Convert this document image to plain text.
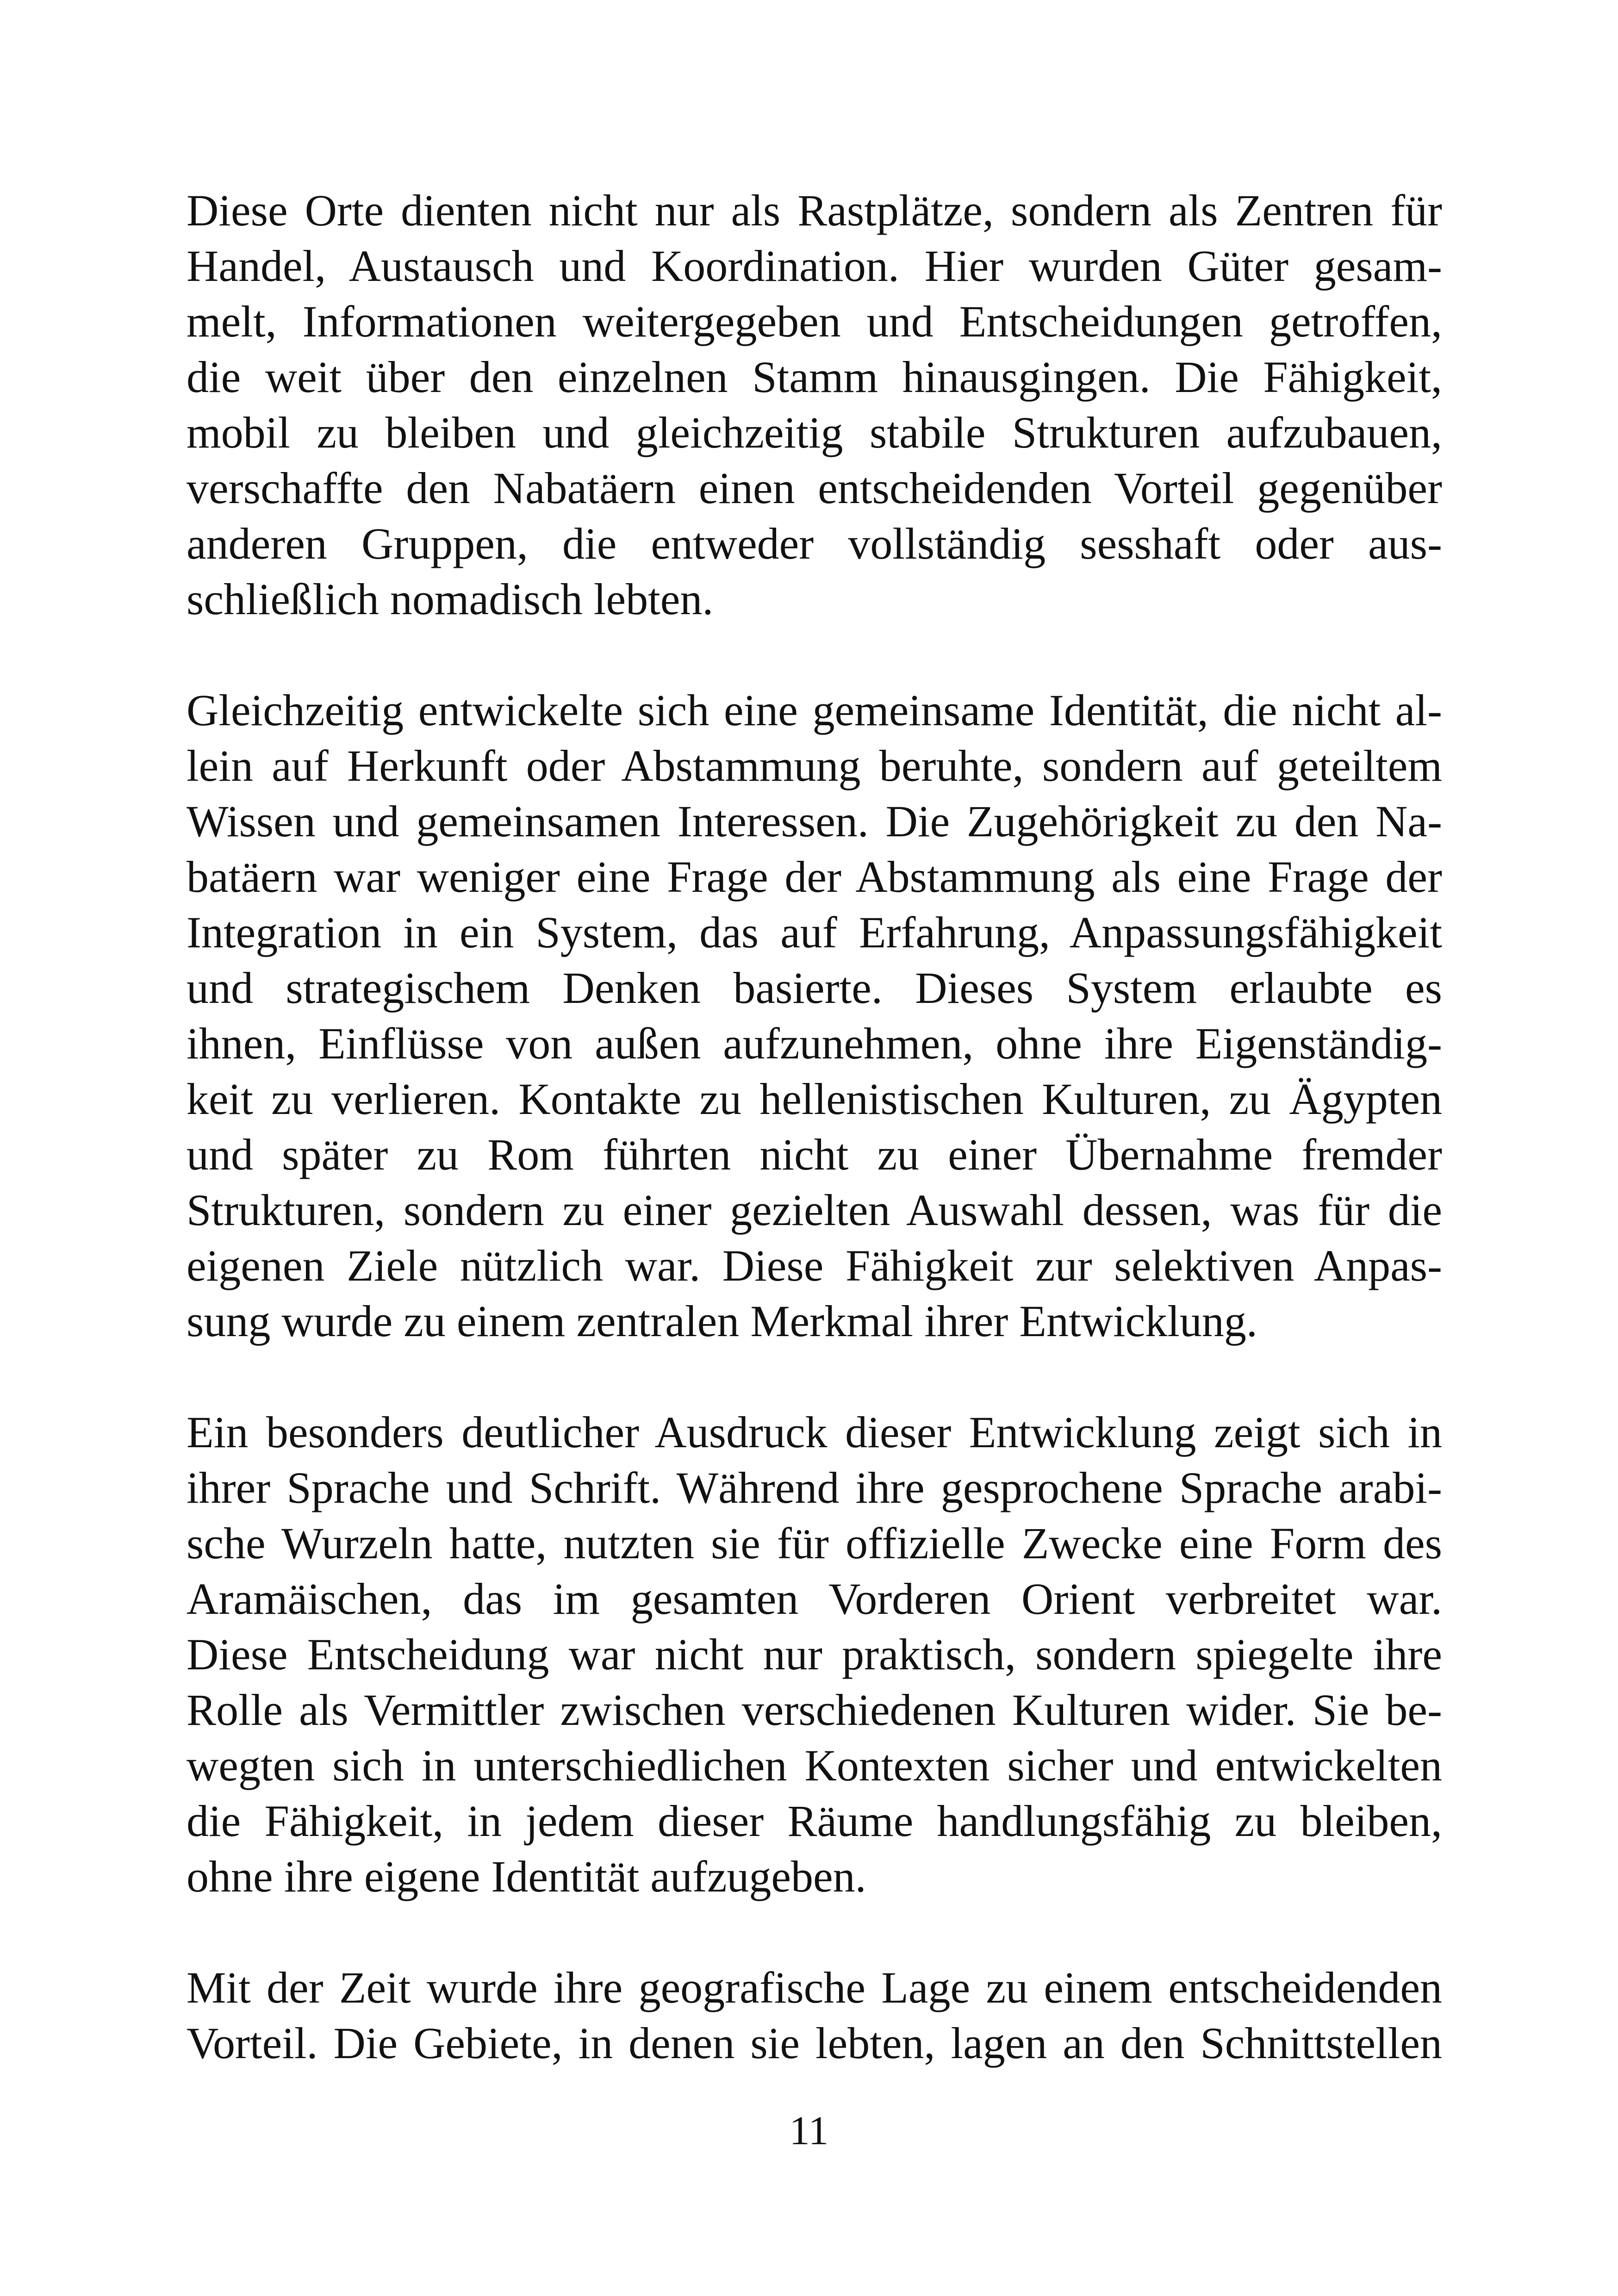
Diese Orte dienten nicht nur als Rastplätze, sondern als Zentren für
Handel, Austausch und Koordination. Hier wurden Güter gesam-
melt, Informationen weitergegeben und Entscheidungen getroffen,
die weit über den einzelnen Stamm hinausgingen. Die Fähigkeit,
mobil zu bleiben und gleichzeitig stabile Strukturen aufzubauen,
verschaffte den Nabatäern einen entscheidenden Vorteil gegenüber
anderen Gruppen, die entweder vollständig sesshaft oder aus-
schließlich nomadisch lebten.
Gleichzeitig entwickelte sich eine gemeinsame Identität, die nicht al-
lein auf Herkunft oder Abstammung beruhte, sondern auf geteiltem
Wissen und gemeinsamen Interessen. Die Zugehörigkeit zu den Na-
batäern war weniger eine Frage der Abstammung als eine Frage der
Integration in ein System, das auf Erfahrung, Anpassungsfähigkeit
und strategischem Denken basierte. Dieses System erlaubte es
ihnen, Einflüsse von außen aufzunehmen, ohne ihre Eigenständig-
keit zu verlieren. Kontakte zu hellenistischen Kulturen, zu Ägypten
und später zu Rom führten nicht zu einer Übernahme fremder
Strukturen, sondern zu einer gezielten Auswahl dessen, was für die
eigenen Ziele nützlich war. Diese Fähigkeit zur selektiven Anpas-
sung wurde zu einem zentralen Merkmal ihrer Entwicklung.
Ein besonders deutlicher Ausdruck dieser Entwicklung zeigt sich in
ihrer Sprache und Schrift. Während ihre gesprochene Sprache arabi-
sche Wurzeln hatte, nutzten sie für offizielle Zwecke eine Form des
Aramäischen, das im gesamten Vorderen Orient verbreitet war.
Diese Entscheidung war nicht nur praktisch, sondern spiegelte ihre
Rolle als Vermittler zwischen verschiedenen Kulturen wider. Sie be-
wegten sich in unterschiedlichen Kontexten sicher und entwickelten
die Fähigkeit, in jedem dieser Räume handlungsfähig zu bleiben,
ohne ihre eigene Identität aufzugeben.
Mit der Zeit wurde ihre geografische Lage zu einem entscheidenden
Vorteil. Die Gebiete, in denen sie lebten, lagen an den Schnittstellen
11
